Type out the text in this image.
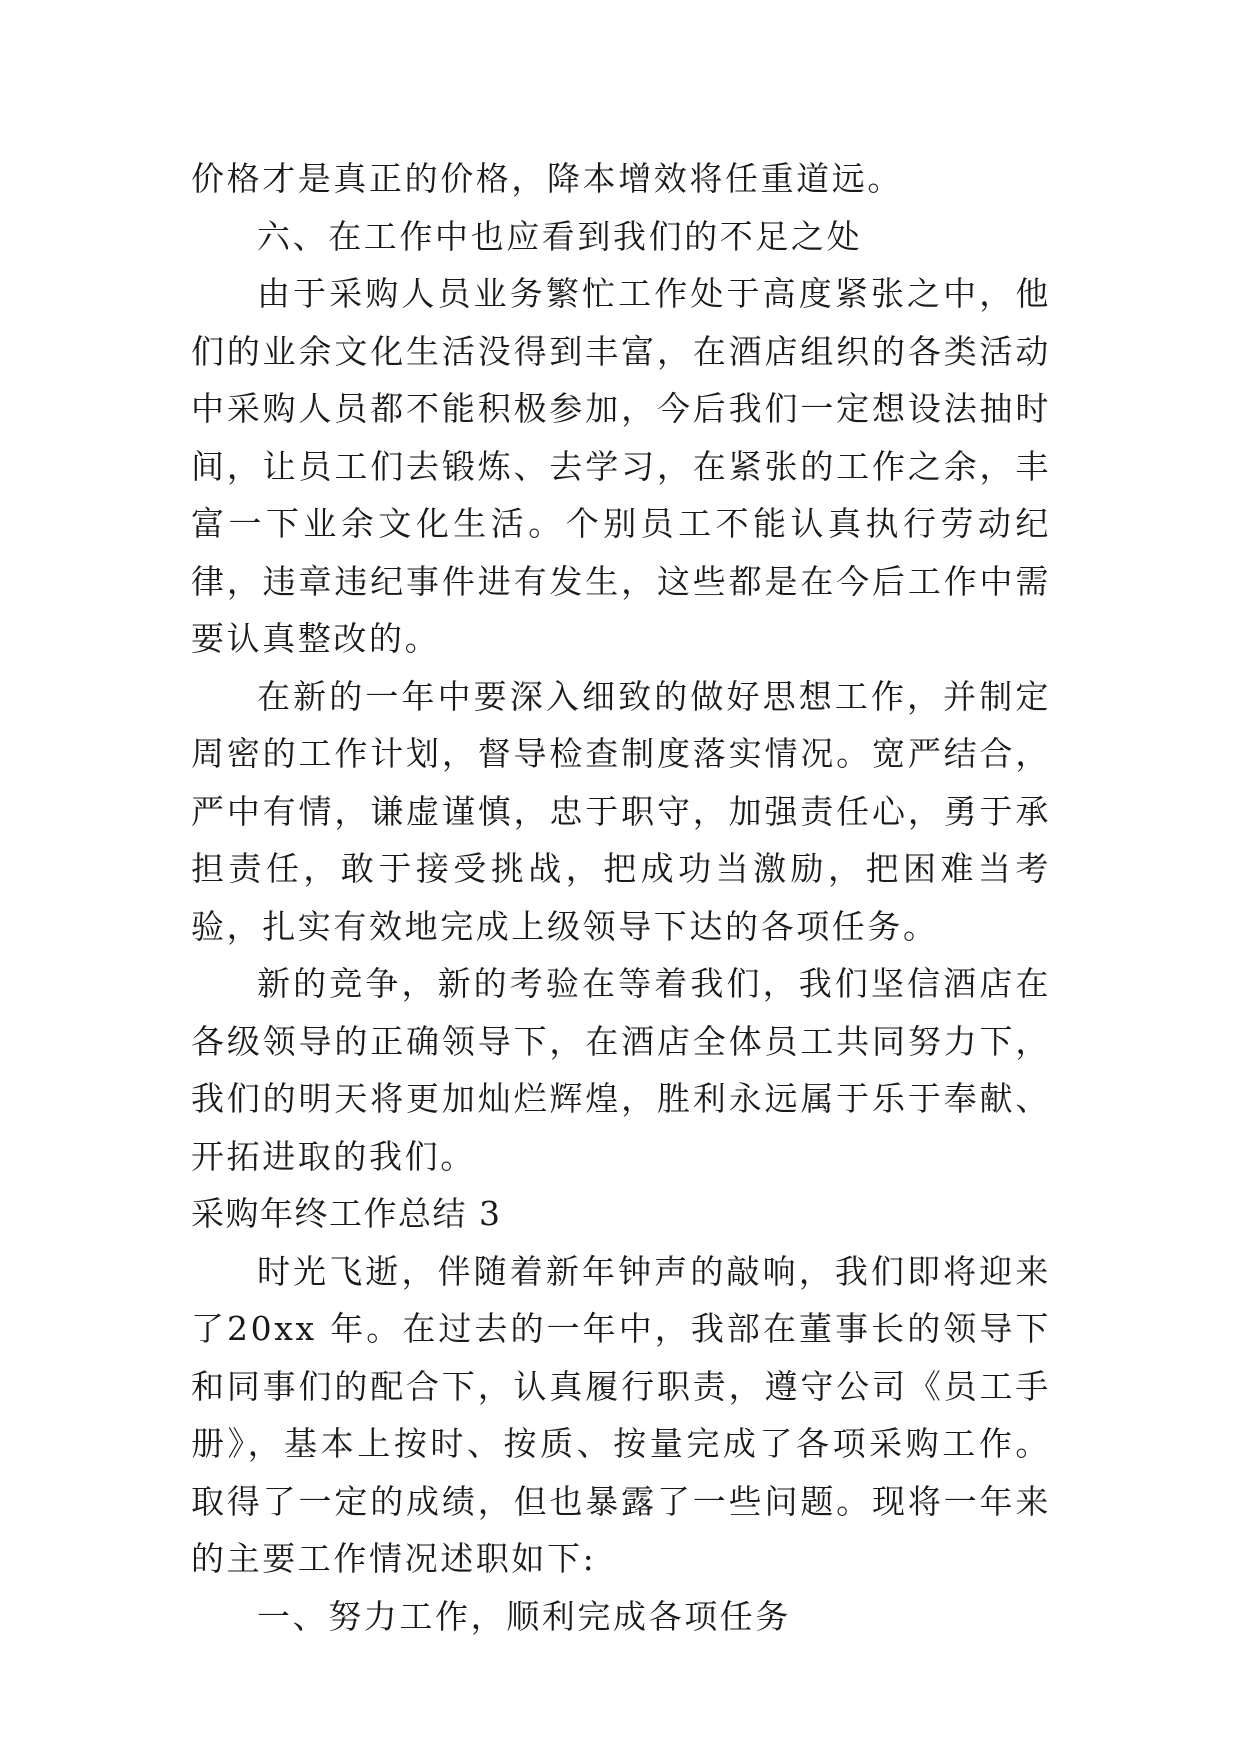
价格才是真正的价格，降本增效将任重道远。

六、在工作中也应看到我们的不足之处

由于采购人员业务繁忙工作处于高度紧张之中，他们的业余文化生活没得到丰富，在酒店组织的各类活动中采购人员都不能积极参加，今后我们一定想设法抽时间，让员工们去锻炼、去学习，在紧张的工作之余，丰富一下业余文化生活。个别员工不能认真执行劳动纪律，违章违纪事件进有发生，这些都是在今后工作中需要认真整改的。

在新的一年中要深入细致的做好思想工作，并制定周密的工作计划，督导检查制度落实情况。宽严结合，严中有情，谦虚谨慎，忠于职守，加强责任心，勇于承担责任，敢于接受挑战，把成功当激励，把困难当考验，扎实有效地完成上级领导下达的各项任务。

新的竞争，新的考验在等着我们，我们坚信酒店在各级领导的正确领导下，在酒店全体员工共同努力下，我们的明天将更加灿烂辉煌，胜利永远属于乐于奉献、开拓进取的我们。

采购年终工作总结 3

时光飞逝，伴随着新年钟声的敲响，我们即将迎来了20xx 年。在过去的一年中，我部在董事长的领导下和同事们的配合下，认真履行职责，遵守公司《员工手册》，基本上按时、按质、按量完成了各项采购工作。取得了一定的成绩，但也暴露了一些问题。现将一年来的主要工作情况述职如下:

一、努力工作，顺利完成各项任务
